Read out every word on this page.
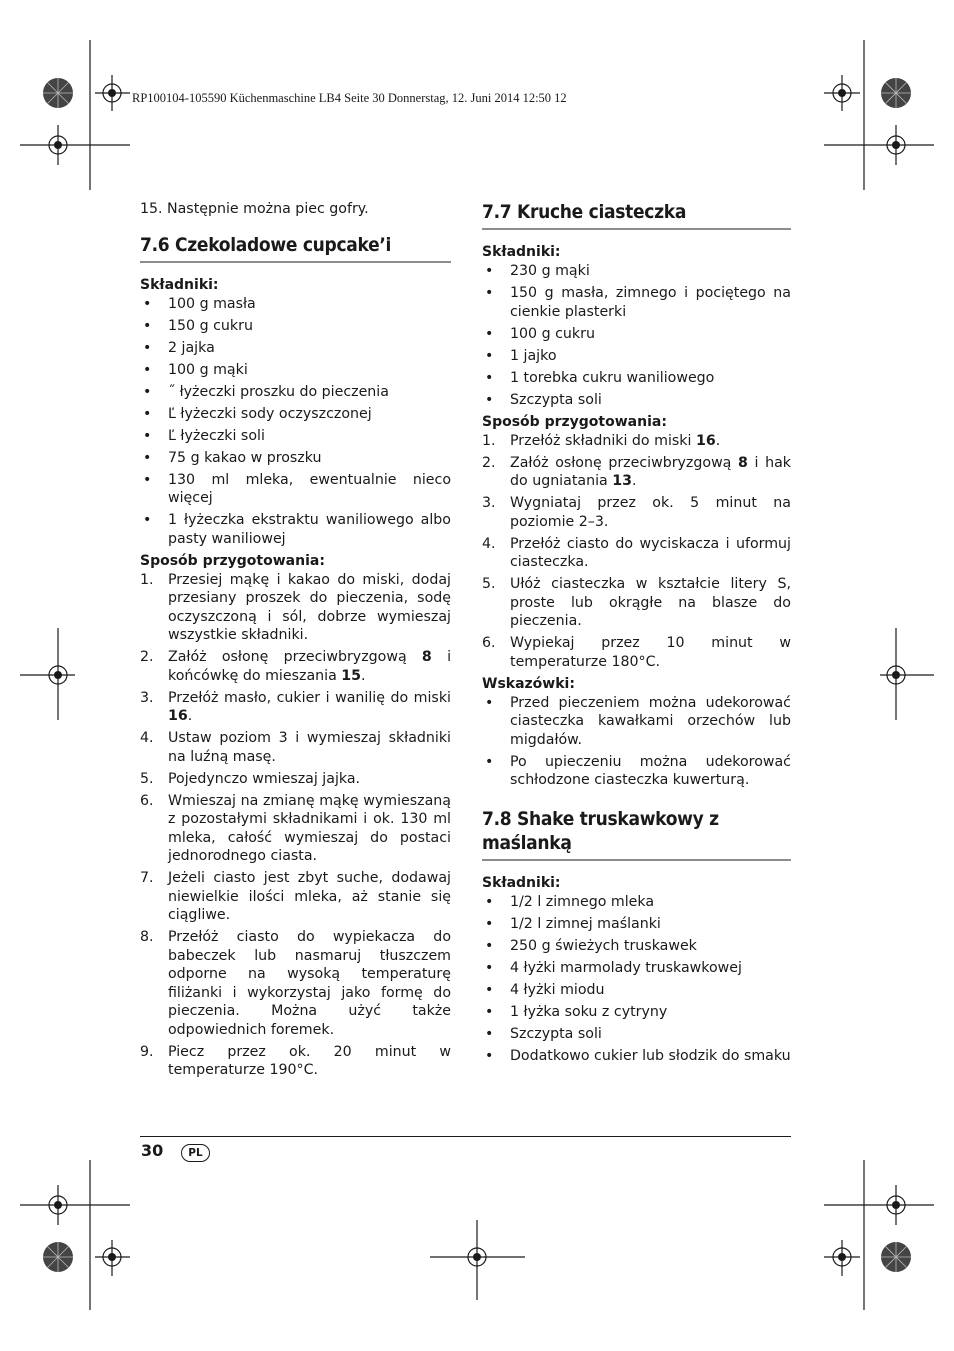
RP100104-105590 Küchenmaschine LB4 Seite 30 Donnerstag, 12. Juni 2014 12:50 12

15. Następnie można piec gofry.

7.6 Czekoladowe cupcake’i
Składniki:
•	100 g masła
•	150 g cukru
•	2 jajka
•	100 g mąki
•	˝ łyżeczki proszku do pieczenia
•	Ľ łyżeczki sody oczyszczonej
•	Ľ łyżeczki soli
•	75 g kakao w proszku
•	130 ml mleka, ewentualnie nieco więcej
•	1 łyżeczka ekstraktu waniliowego albo pasty waniliowej
Sposób przygotowania:
1.	Przesiej mąkę i kakao do miski, dodaj przesiany proszek do pieczenia, sodę oczyszczoną i sól, dobrze wymieszaj wszystkie składniki.
2.	Załóż osłonę przeciwbryzgową 8 i końcówkę do mieszania 15.
3.	Przełóż masło, cukier i wanilię do miski 16.
4.	Ustaw poziom 3 i wymieszaj składniki na luźną masę.
5.	Pojedynczo wmieszaj jajka.
6.	Wmieszaj na zmianę mąkę wymieszaną z pozostałymi składnikami i ok. 130 ml mleka, całość wymieszaj do postaci jednorodnego ciasta.
7.	Jeżeli ciasto jest zbyt suche, dodawaj niewielkie ilości mleka, aż stanie się ciągliwe.
8.	Przełóż ciasto do wypiekacza do babeczek lub nasmaruj tłuszczem odporne na wysoką temperaturę filiżanki i wykorzystaj jako formę do pieczenia. Można użyć także odpowiednich foremek.
9.	Piecz przez ok. 20 minut w temperaturze 190°C.
7.7 Kruche ciasteczka
Składniki:
•	230 g mąki
•	150 g masła, zimnego i pociętego na cienkie plasterki
•	100 g cukru
•	1 jajko
•	1 torebka cukru waniliowego
•	Szczypta soli
Sposób przygotowania:
1.	Przełóż składniki do miski 16.
2.	Załóż osłonę przeciwbryzgową 8 i hak do ugniatania 13.
3.	Wygniataj przez ok. 5 minut na poziomie 2–3.
4.	Przełóż ciasto do wyciskacza i uformuj ciasteczka.
5.	Ułóż ciasteczka w kształcie litery S, proste lub okrągłe na blasze do pieczenia.
6.	Wypiekaj przez 10 minut w temperaturze 180°C.
Wskazówki:
•	Przed pieczeniem można udekorować ciasteczka kawałkami orzechów lub migdałów.
•	Po upieczeniu można udekorować schłodzone ciasteczka kuwerturą.
7.8 Shake truskawkowy z maślanką
Składniki:
•	1/2 l zimnego mleka
•	1/2 l zimnej maślanki
•	250 g świeżych truskawek
•	4 łyżki marmolady truskawkowej
•	4 łyżki miodu
•	1 łyżka soku z cytryny
•	Szczypta soli
•	Dodatkowo cukier lub słodzik do smaku
30	PL
